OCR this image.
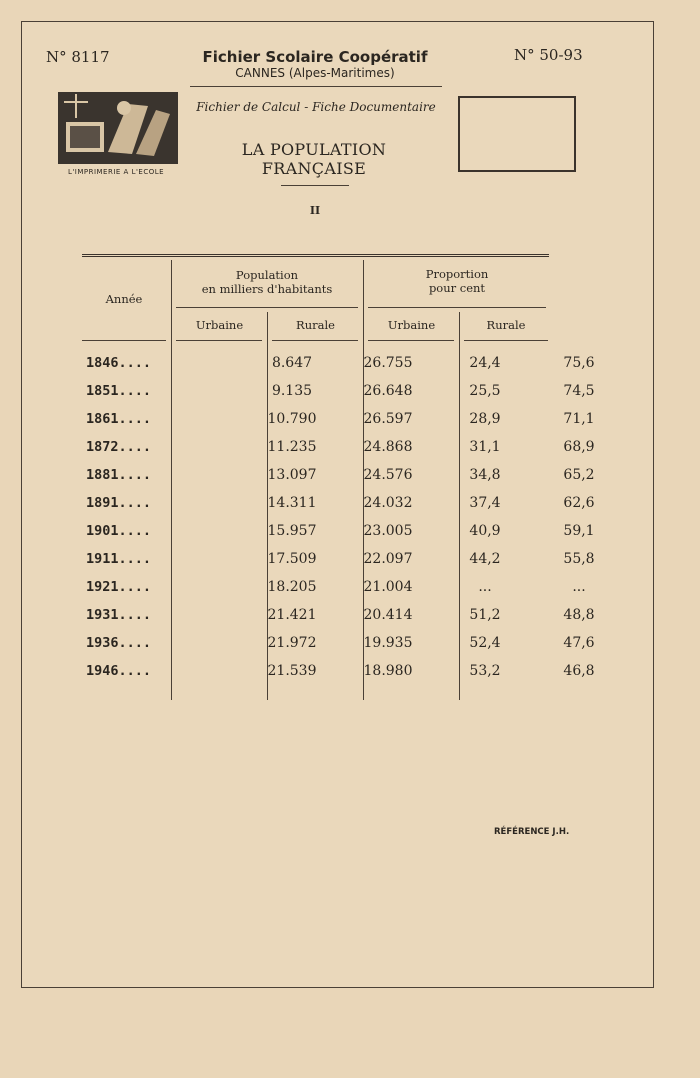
N° 8117	Fichier Scolaire Coopératif
CANNES (Alpes-Maritimes)
N° 50-93
Fichier de Calcul - Fiche Documentaire
L'IMPRIMERIE A L'ECOLE
LA POPULATION
FRANÇAISE
II
Année
Population
en milliers d'habitants
Proportion
pour cent
Urbaine	Rurale	Urbaine	Rurale
1846....	8.647	26.755	24,4	75,6
1851....	9.135	26.648	25,5	74,5
1861....	10.790	26.597	28,9	71,1
1872....	11.235	24.868	31,1	68,9
1881....	13.097	24.576	34,8	65,2
1891....	14.311	24.032	37,4	62,6
1901....	15.957	23.005	40,9	59,1
1911....	17.509	22.097	44,2	55,8
1921....	18.205	21.004	...	...
1931....	21.421	20.414	51,2	48,8
1936....	21.972	19.935	52,4	47,6
1946....	21.539	18.980	53,2	46,8
RÉFÉRENCE J.H.
